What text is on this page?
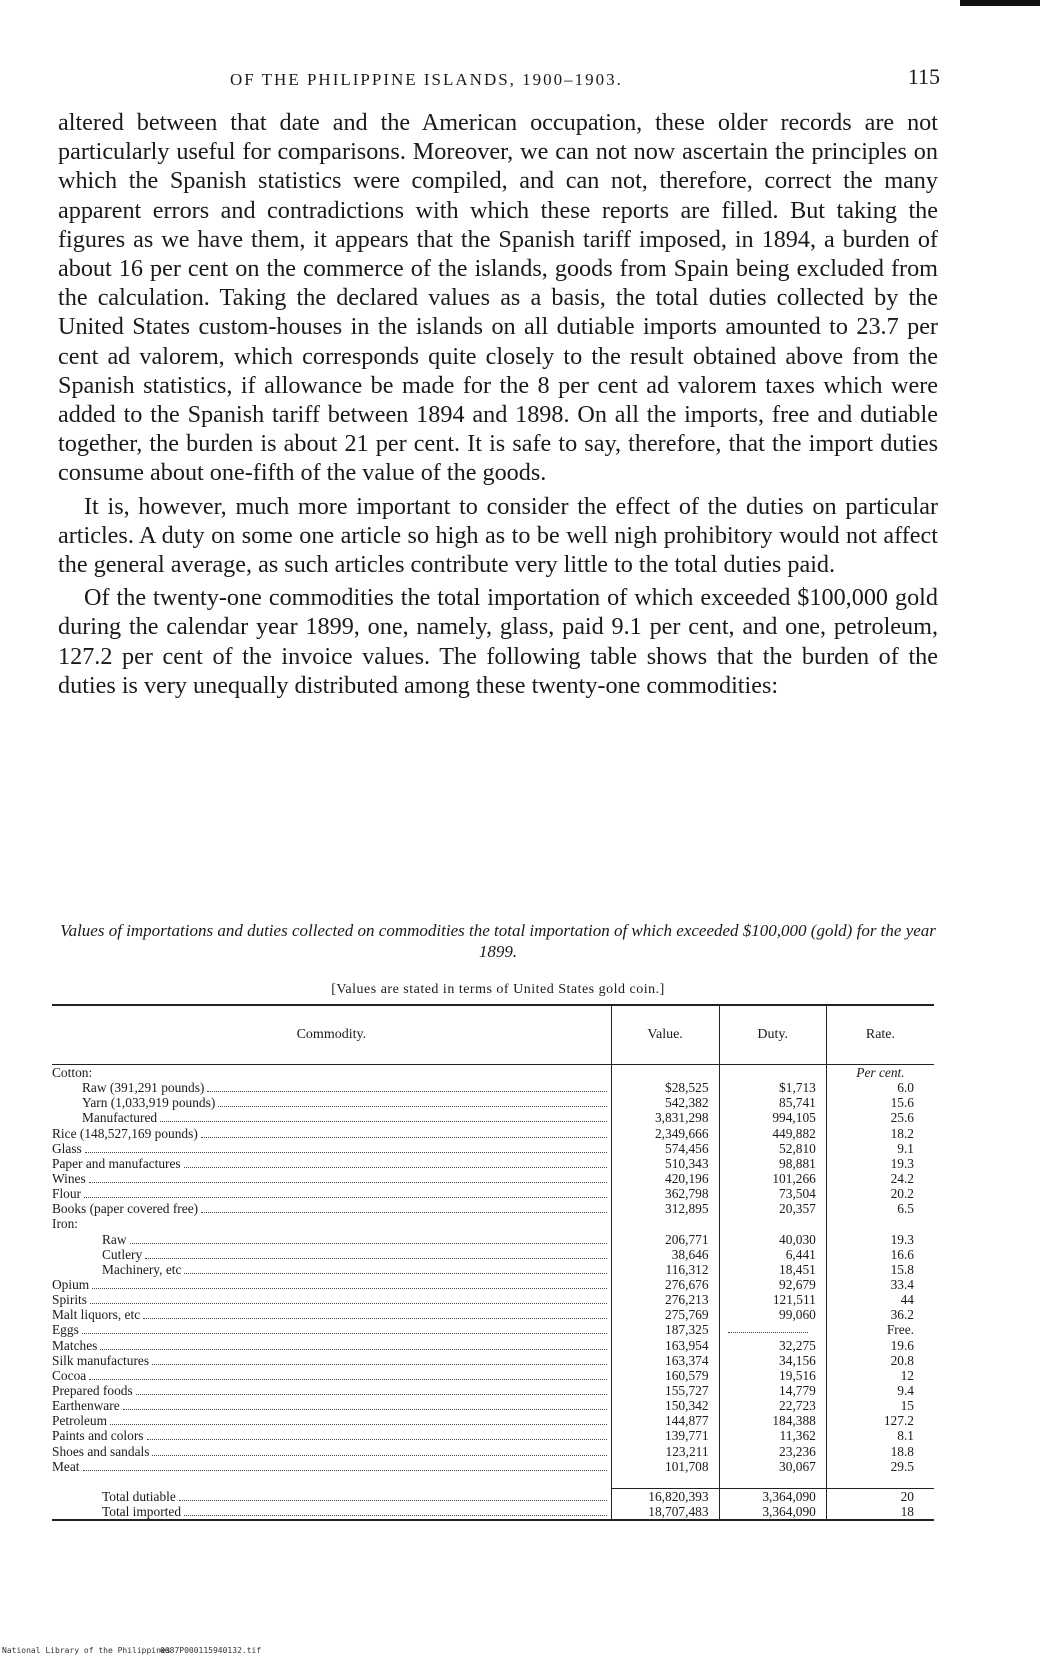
OF THE PHILIPPINE ISLANDS, 1900–1903.	115

altered between that date and the American occupation, these older records are not particularly useful for comparisons. Moreover, we can not now ascertain the principles on which the Spanish statistics were compiled, and can not, therefore, correct the many apparent errors and contradictions with which these reports are filled. But taking the figures as we have them, it appears that the Spanish tariff imposed, in 1894, a burden of about 16 per cent on the commerce of the islands, goods from Spain being excluded from the calculation. Taking the declared values as a basis, the total duties collected by the United States custom-houses in the islands on all dutiable imports amounted to 23.7 per cent ad valorem, which corresponds quite closely to the result obtained above from the Spanish statistics, if allowance be made for the 8 per cent ad valorem taxes which were added to the Spanish tariff between 1894 and 1898. On all the imports, free and dutiable together, the burden is about 21 per cent. It is safe to say, therefore, that the import duties consume about one-fifth of the value of the goods.

It is, however, much more important to consider the effect of the duties on particular articles. A duty on some one article so high as to be well nigh prohibitory would not affect the general average, as such articles contribute very little to the total duties paid.

Of the twenty-one commodities the total importation of which exceeded $100,000 gold during the calendar year 1899, one, namely, glass, paid 9.1 per cent, and one, petroleum, 127.2 per cent of the invoice values. The following table shows that the burden of the duties is very unequally distributed among these twenty-one commodities:

Values of importations and duties collected on commodities the total importation of which exceeded $100,000 (gold) for the year 1899.
[Values are stated in terms of United States gold coin.]
Commodity.	Value.	Duty.	Rate.

Cotton:			Per cent.

Raw (391,291 pounds)	$28,525	$1,713	6.0

Yarn (1,033,919 pounds)	542,382	85,741	15.6

Manufactured	3,831,298	994,105	25.6

Rice (148,527,169 pounds)	2,349,666	449,882	18.2

Glass	574,456	52,810	9.1

Paper and manufactures	510,343	98,881	19.3

Wines	420,196	101,266	24.2

Flour	362,798	73,504	20.2

Books (paper covered free)	312,895	20,357	6.5

Iron:			

Raw	206,771	40,030	19.3

Cutlery	38,646	6,441	16.6

Machinery, etc	116,312	18,451	15.8

Opium	276,676	92,679	33.4

Spirits	276,213	121,511	44

Malt liquors, etc	275,769	99,060	36.2

Eggs	187,325		Free.

Matches	163,954	32,275	19.6

Silk manufactures	163,374	34,156	20.8

Cocoa	160,579	19,516	12

Prepared foods	155,727	14,779	9.4

Earthenware	150,342	22,723	15

Petroleum	144,877	184,388	127.2

Paints and colors	139,771	11,362	8.1

Shoes and sandals	123,211	23,236	18.8

Meat	101,708	30,067	29.5

Total dutiable	16,820,393	3,364,090	20

Total imported	18,707,483	3,364,090	18
National Library of the Philippines
0087P000115940132.tif
